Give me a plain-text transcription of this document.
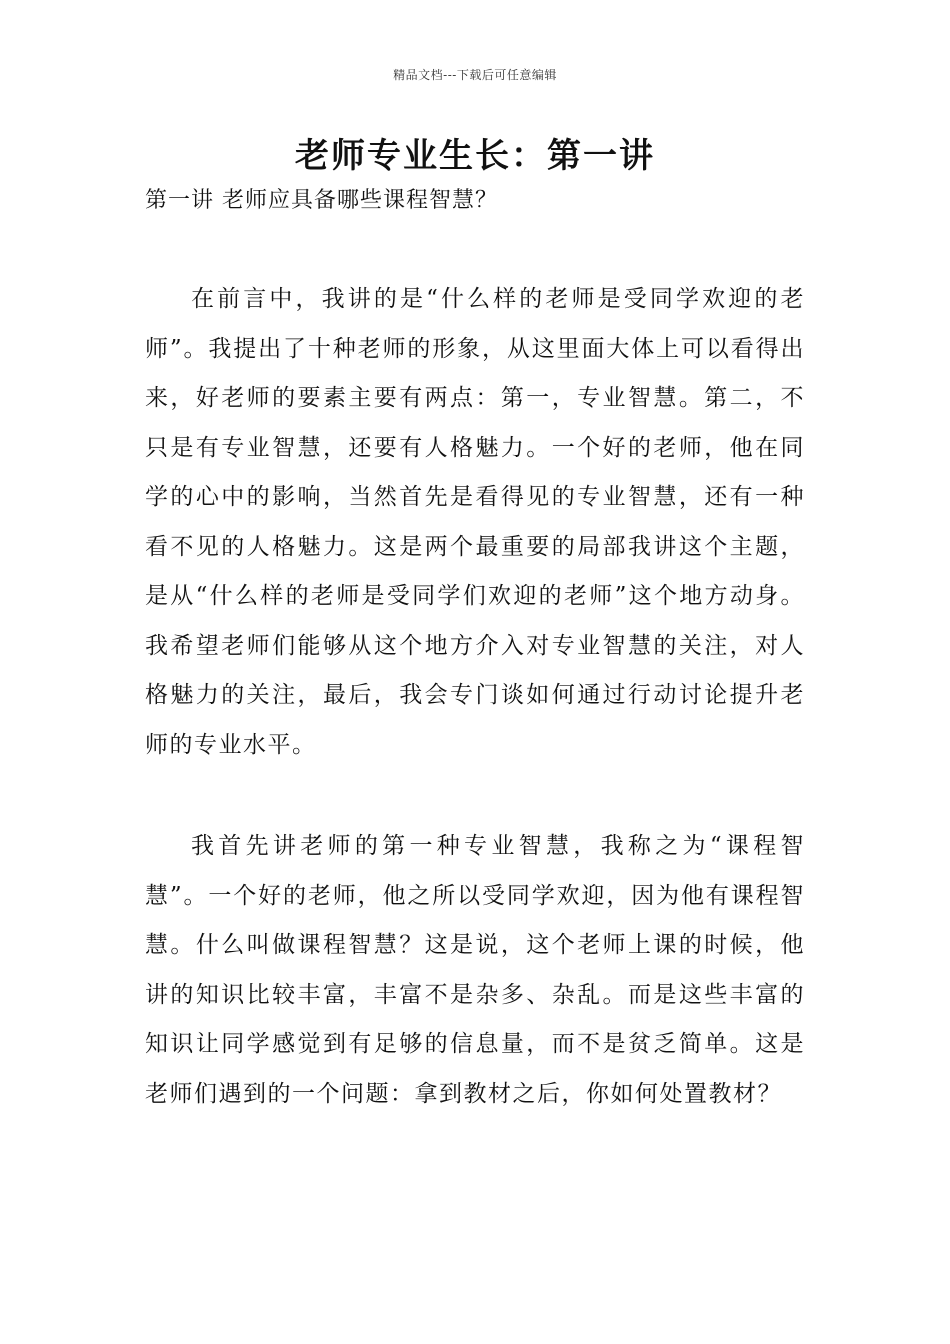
精品文档---下载后可任意编辑
老师专业生长：第一讲

第一讲 老师应具备哪些课程智慧？

在前言中，我讲的是“什么样的老师是受同学欢迎的老师”。我提出了十种老师的形象，从这里面大体上可以看得出来，好老师的要素主要有两点：第一，专业智慧。第二，不只是有专业智慧，还要有人格魅力。一个好的老师，他在同学的心中的影响，当然首先是看得见的专业智慧，还有一种看不见的人格魅力。这是两个最重要的局部我讲这个主题，是从“什么样的老师是受同学们欢迎的老师”这个地方动身。我希望老师们能够从这个地方介入对专业智慧的关注，对人格魅力的关注，最后，我会专门谈如何通过行动讨论提升老师的专业水平。

我首先讲老师的第一种专业智慧，我称之为“课程智慧”。一个好的老师，他之所以受同学欢迎，因为他有课程智慧。什么叫做课程智慧？这是说，这个老师上课的时候，他讲的知识比较丰富，丰富不是杂多、杂乱。而是这些丰富的知识让同学感觉到有足够的信息量，而不是贫乏简单。这是老师们遇到的一个问题：拿到教材之后，你如何处置教材？
